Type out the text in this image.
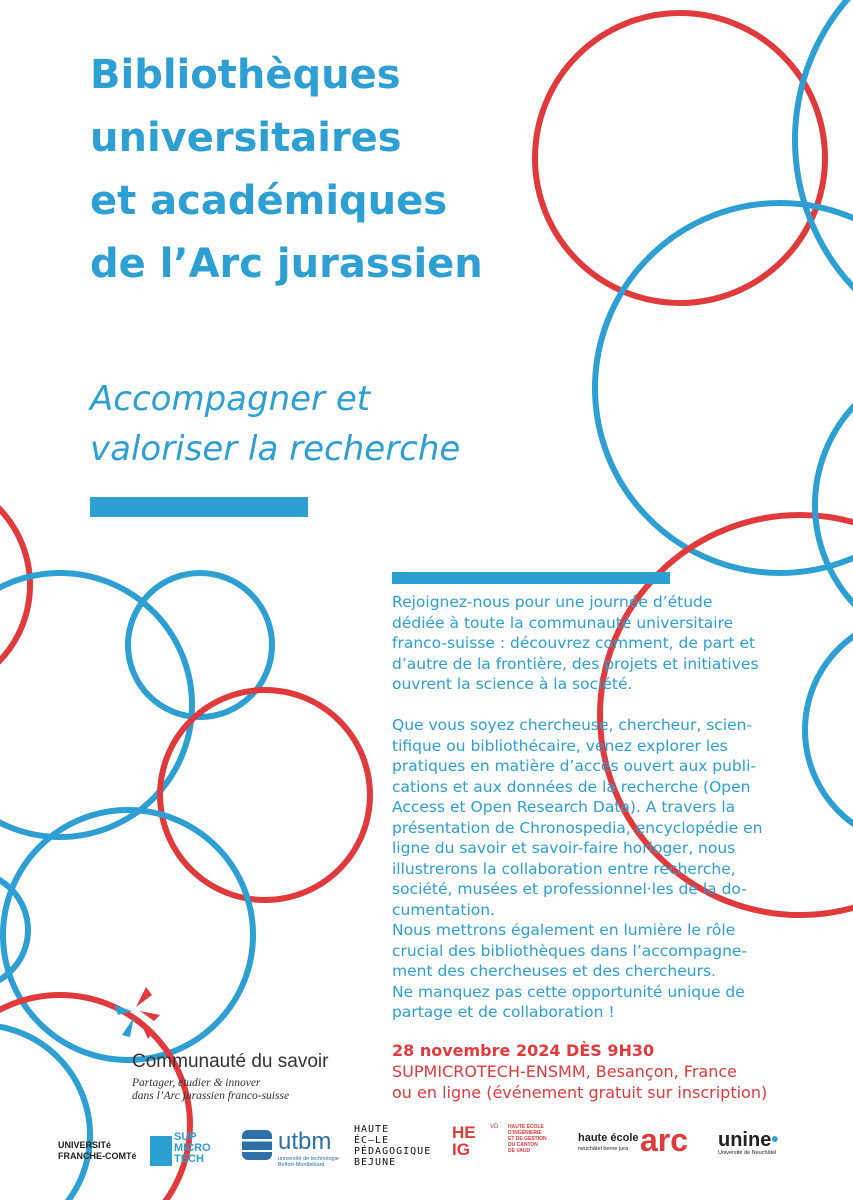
Bibliothèques
universitaires
et académiques
de l’Arc jurassien
Accompagner et
valoriser la recherche

Rejoignez-nous pour une journée d’étude
dédiée à toute la communauté universitaire
franco-suisse : découvrez comment, de part et
d’autre de la frontière, des projets et initiatives
ouvrent la science à la société.

Que vous soyez chercheuse, chercheur, scien-
tifique ou bibliothécaire, venez explorer les
pratiques en matière d’accès ouvert aux publi-
cations et aux données de la recherche (Open
Access et Open Research Data). A travers la
présentation de Chronospedia, encyclopédie en
ligne du savoir et savoir-faire horloger, nous
illustrerons la collaboration entre recherche,
société, musées et professionnel·les de la do-
cumentation.
Nous mettrons également en lumière le rôle
crucial des bibliothèques dans l’accompagne-
ment des chercheuses et des chercheurs.
Ne manquez pas cette opportunité unique de
partage et de collaboration !

28 novembre 2024 DÈS 9H30
SUPMICROTECH-ENSMM, Besançon, France
ou en ligne (événement gratuit sur inscription)
Communauté du savoir
Partager, étudier & innover
dans l’Arc jurassien franco-suisse
UNIVERSITé
FRANCHE-COMTé
SUP
MICRO
TECH
utbm
université de technologie
Belfort-Montbéliard
HAUTE
ÉC—LE
PÉDAGOGIQUE
BEJUNE
HE
IG
VD HAUTE ÉCOLE
D'INGÉNIERIE
ET DE GESTION
DU CANTON
DE VAUD
haute école
neuchâtel berne jura arc unine•
Université de Neuchâtel
